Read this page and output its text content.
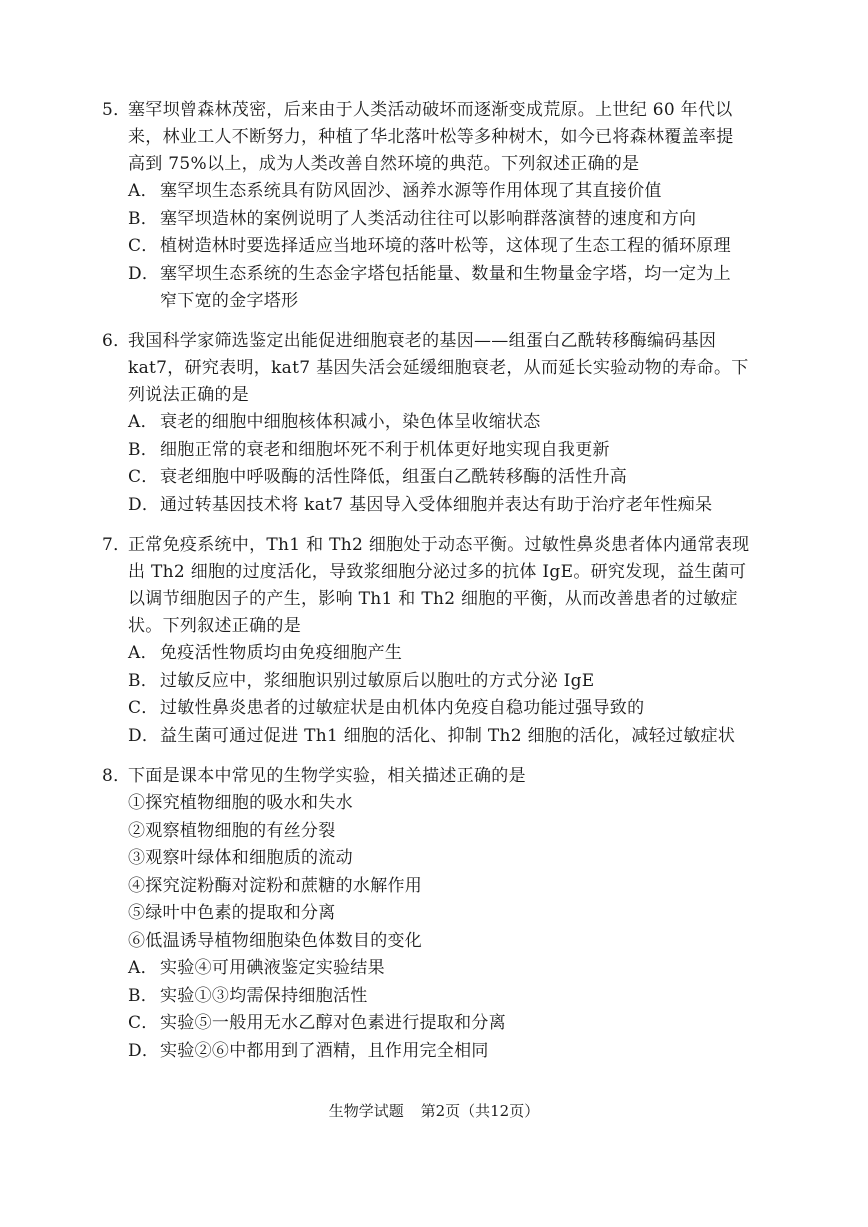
5．塞罕坝曾森林茂密，后来由于人类活动破坏而逐渐变成荒原。上世纪 60 年代以
来，林业工人不断努力，种植了华北落叶松等多种树木，如今已将森林覆盖率提
高到 75%以上，成为人类改善自然环境的典范。下列叙述正确的是
A． 塞罕坝生态系统具有防风固沙、涵养水源等作用体现了其直接价值
B． 塞罕坝造林的案例说明了人类活动往往可以影响群落演替的速度和方向
C．植树造林时要选择适应当地环境的落叶松等，这体现了生态工程的循环原理
D．塞罕坝生态系统的生态金字塔包括能量、数量和生物量金字塔，均一定为上
窄下宽的金字塔形
6．我国科学家筛选鉴定出能促进细胞衰老的基因——组蛋白乙酰转移酶编码基因
kat7，研究表明，kat7 基因失活会延缓细胞衰老，从而延长实验动物的寿命。下
列说法正确的是
A． 衰老的细胞中细胞核体积减小，染色体呈收缩状态
B． 细胞正常的衰老和细胞坏死不利于机体更好地实现自我更新
C．衰老细胞中呼吸酶的活性降低，组蛋白乙酰转移酶的活性升高
D．通过转基因技术将 kat7 基因导入受体细胞并表达有助于治疗老年性痴呆
7．正常免疫系统中，Th1 和 Th2 细胞处于动态平衡。过敏性鼻炎患者体内通常表现
出 Th2 细胞的过度活化，导致浆细胞分泌过多的抗体 IgE。研究发现，益生菌可
以调节细胞因子的产生，影响 Th1 和 Th2 细胞的平衡，从而改善患者的过敏症
状。下列叙述正确的是
A． 免疫活性物质均由免疫细胞产生
B． 过敏反应中，浆细胞识别过敏原后以胞吐的方式分泌 IgE
C．过敏性鼻炎患者的过敏症状是由机体内免疫自稳功能过强导致的
D．益生菌可通过促进 Th1 细胞的活化、抑制 Th2 细胞的活化，减轻过敏症状
8．下面是课本中常见的生物学实验，相关描述正确的是
①探究植物细胞的吸水和失水
②观察植物细胞的有丝分裂
③观察叶绿体和细胞质的流动
④探究淀粉酶对淀粉和蔗糖的水解作用
⑤绿叶中色素的提取和分离
⑥低温诱导植物细胞染色体数目的变化
A． 实验④可用碘液鉴定实验结果
B． 实验①③均需保持细胞活性
C．实验⑤一般用无水乙醇对色素进行提取和分离
D．实验②⑥中都用到了酒精，且作用完全相同
生物学试题 第2页（共12页）
